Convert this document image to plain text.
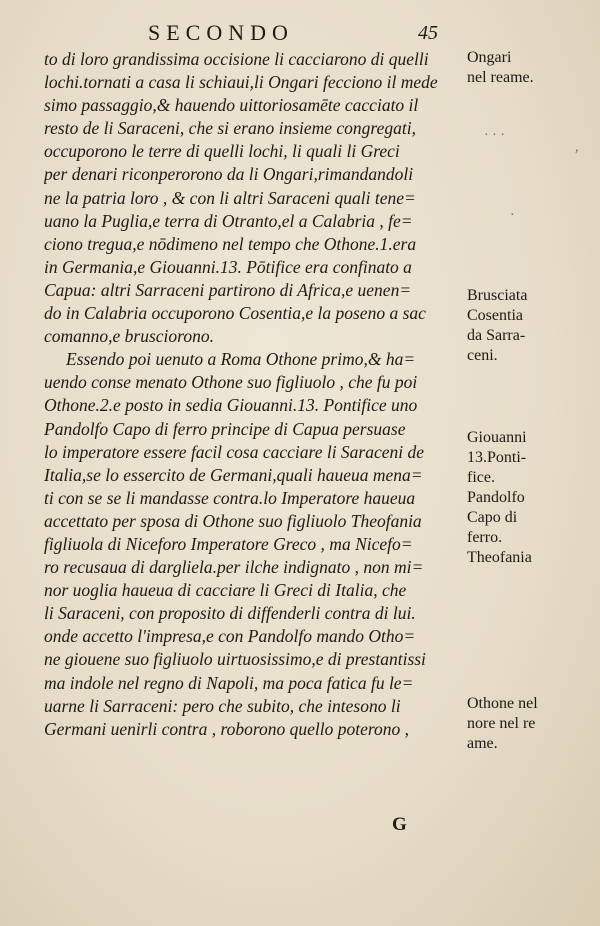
SECONDO	45
to di loro grandissima occisione li cacciarono di quelli
lochi.tornati a casa li schiaui,li Ongari fecciono il mede
simo passaggio,& hauendo uittoriosamēte cacciato il
resto de li Saraceni, che si erano insieme congregati,
occuporono le terre di quelli lochi, li quali li Greci
per denari riconperorono da li Ongari,rimandandoli
ne la patria loro , & con li altri Saraceni quali tene=
uano la Puglia,e terra di Otranto,el a Calabria , fe=
ciono tregua,e nōdimeno nel tempo che Othone.1.era
in Germania,e Giouanni.13. Pōtifice era confinato a
Capua: altri Sarraceni partirono di Africa,e uenen=
do in Calabria occuporono Cosentia,e la poseno a sac
comanno,e brusciorono.
Essendo poi uenuto a Roma Othone primo,& ha=
uendo conse menato Othone suo figliuolo , che fu poi
Othone.2.e posto in sedia Giouanni.13. Pontifice uno
Pandolfo Capo di ferro principe di Capua persuase
lo imperatore essere facil cosa cacciare li Saraceni de
Italia,se lo essercito de Germani,quali haueua mena=
ti con se se li mandasse contra.lo Imperatore haueua
accettato per sposa di Othone suo figliuolo Theofania
figliuola di Niceforo Imperatore Greco , ma Nicefo=
ro recusaua di dargliela.per ilche indignato , non mi=
nor uoglia haueua di cacciare li Greci di Italia, che
li Saraceni, con proposito di diffenderli contra di lui.
onde accetto l'impresa,e con Pandolfo mando Otho=
ne giouene suo figliuolo uirtuosissimo,e di prestantissi
ma indole nel regno di Napoli, ma poca fatica fu le=
uarne li Sarraceni: pero che subito, che intesono li
Germani uenirli contra , roborono quello poterono ,
Ongari
nel reame.
Brusciata
Cosentia
da Sarra-
ceni.
Giouanni
13.Ponti-
fice.
Pandolfo
Capo di
ferro.
Theofania
Othone nel
nore nel re
ame.
· · ·
·
,
G
